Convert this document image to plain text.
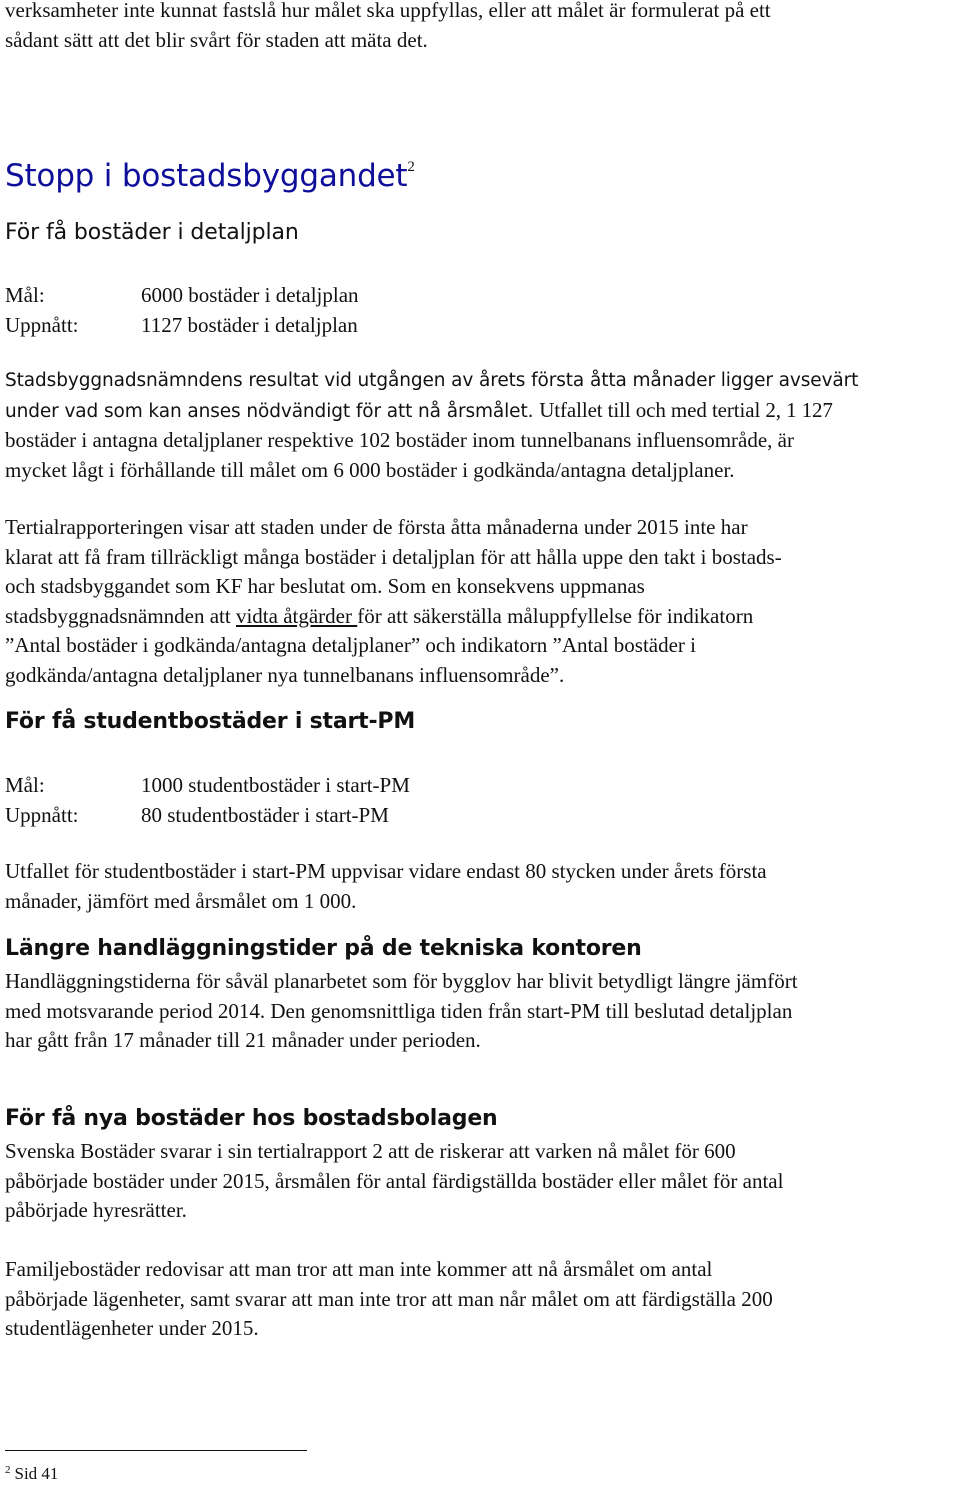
verksamheter inte kunnat fastslå hur målet ska uppfyllas, eller att målet är formulerat på ett

sådant sätt att det blir svårt för staden att mäta det.

Stopp i bostadsbyggandet$^2$
För få bostäder i detaljplan
Mål:	6000 bostäder i detaljplan
Uppnått:	1127 bostäder i detaljplan

Stadsbyggnadsnämndens resultat vid utgången av årets första åtta månader ligger avsevärt

under vad som kan anses nödvändigt för att nå årsmålet. Utfallet till och med tertial 2, 1 127

bostäder i antagna detaljplaner respektive 102 bostäder inom tunnelbanans influensområde, är

mycket lågt i förhållande till målet om 6 000 bostäder i godkända/antagna detaljplaner.

Tertialrapporteringen visar att staden under de första åtta månaderna under 2015 inte har

klarat att få fram tillräckligt många bostäder i detaljplan för att hålla uppe den takt i bostads-

och stadsbyggandet som KF har beslutat om. Som en konsekvens uppmanas

stadsbyggnadsnämnden att vidta åtgärder för att säkerställa måluppfyllelse för indikatorn

”Antal bostäder i godkända/antagna detaljplaner” och indikatorn ”Antal bostäder i

godkända/antagna detaljplaner nya tunnelbanans influensområde”.

För få studentbostäder i start-PM
Mål:	1000 studentbostäder i start-PM
Uppnått:	80 studentbostäder i start-PM

Utfallet för studentbostäder i start-PM uppvisar vidare endast 80 stycken under årets första

månader, jämfört med årsmålet om 1 000.

Längre handläggningstider på de tekniska kontoren

Handläggningstiderna för såväl planarbetet som för bygglov har blivit betydligt längre jämfört

med motsvarande period 2014. Den genomsnittliga tiden från start-PM till beslutad detaljplan

har gått från 17 månader till 21 månader under perioden.

För få nya bostäder hos bostadsbolagen

Svenska Bostäder svarar i sin tertialrapport 2 att de riskerar att varken nå målet för 600

påbörjade bostäder under 2015, årsmålen för antal färdigställda bostäder eller målet för antal

påbörjade hyresrätter.

Familjebostäder redovisar att man tror att man inte kommer att nå årsmålet om antal

påbörjade lägenheter, samt svarar att man inte tror att man når målet om att färdigställa 200

studentlägenheter under 2015.

$^2$ Sid 41
